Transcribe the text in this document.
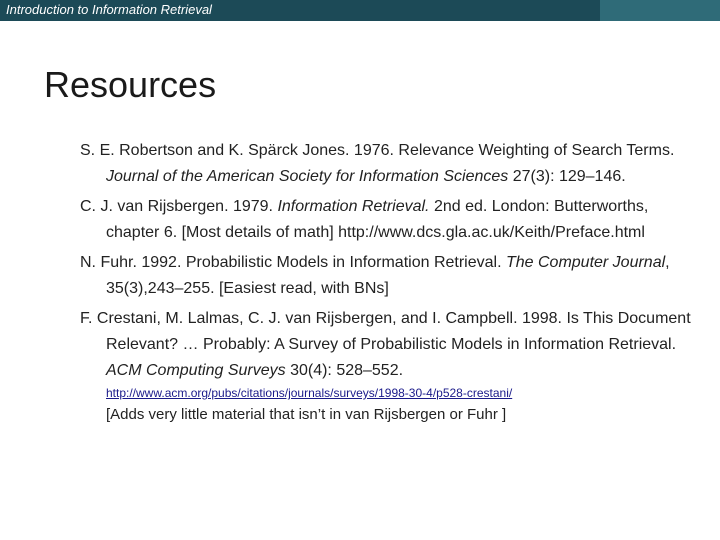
Introduction to Information Retrieval
Resources

S. E. Robertson and K. Spärck Jones. 1976. Relevance Weighting of Search Terms. Journal of the American Society for Information Sciences 27(3): 129–146.

C. J. van Rijsbergen. 1979. Information Retrieval. 2nd ed. London: Butterworths, chapter 6. [Most details of math] http://www.dcs.gla.ac.uk/Keith/Preface.html

N. Fuhr. 1992. Probabilistic Models in Information Retrieval. The Computer Journal, 35(3),243–255. [Easiest read, with BNs]

F. Crestani, M. Lalmas, C. J. van Rijsbergen, and I. Campbell. 1998. Is This Document Relevant? … Probably: A Survey of Probabilistic Models in Information Retrieval. ACM Computing Surveys 30(4): 528–552.

http://www.acm.org/pubs/citations/journals/surveys/1998-30-4/p528-crestani/
[Adds very little material that isn’t in van Rijsbergen or Fuhr ]
